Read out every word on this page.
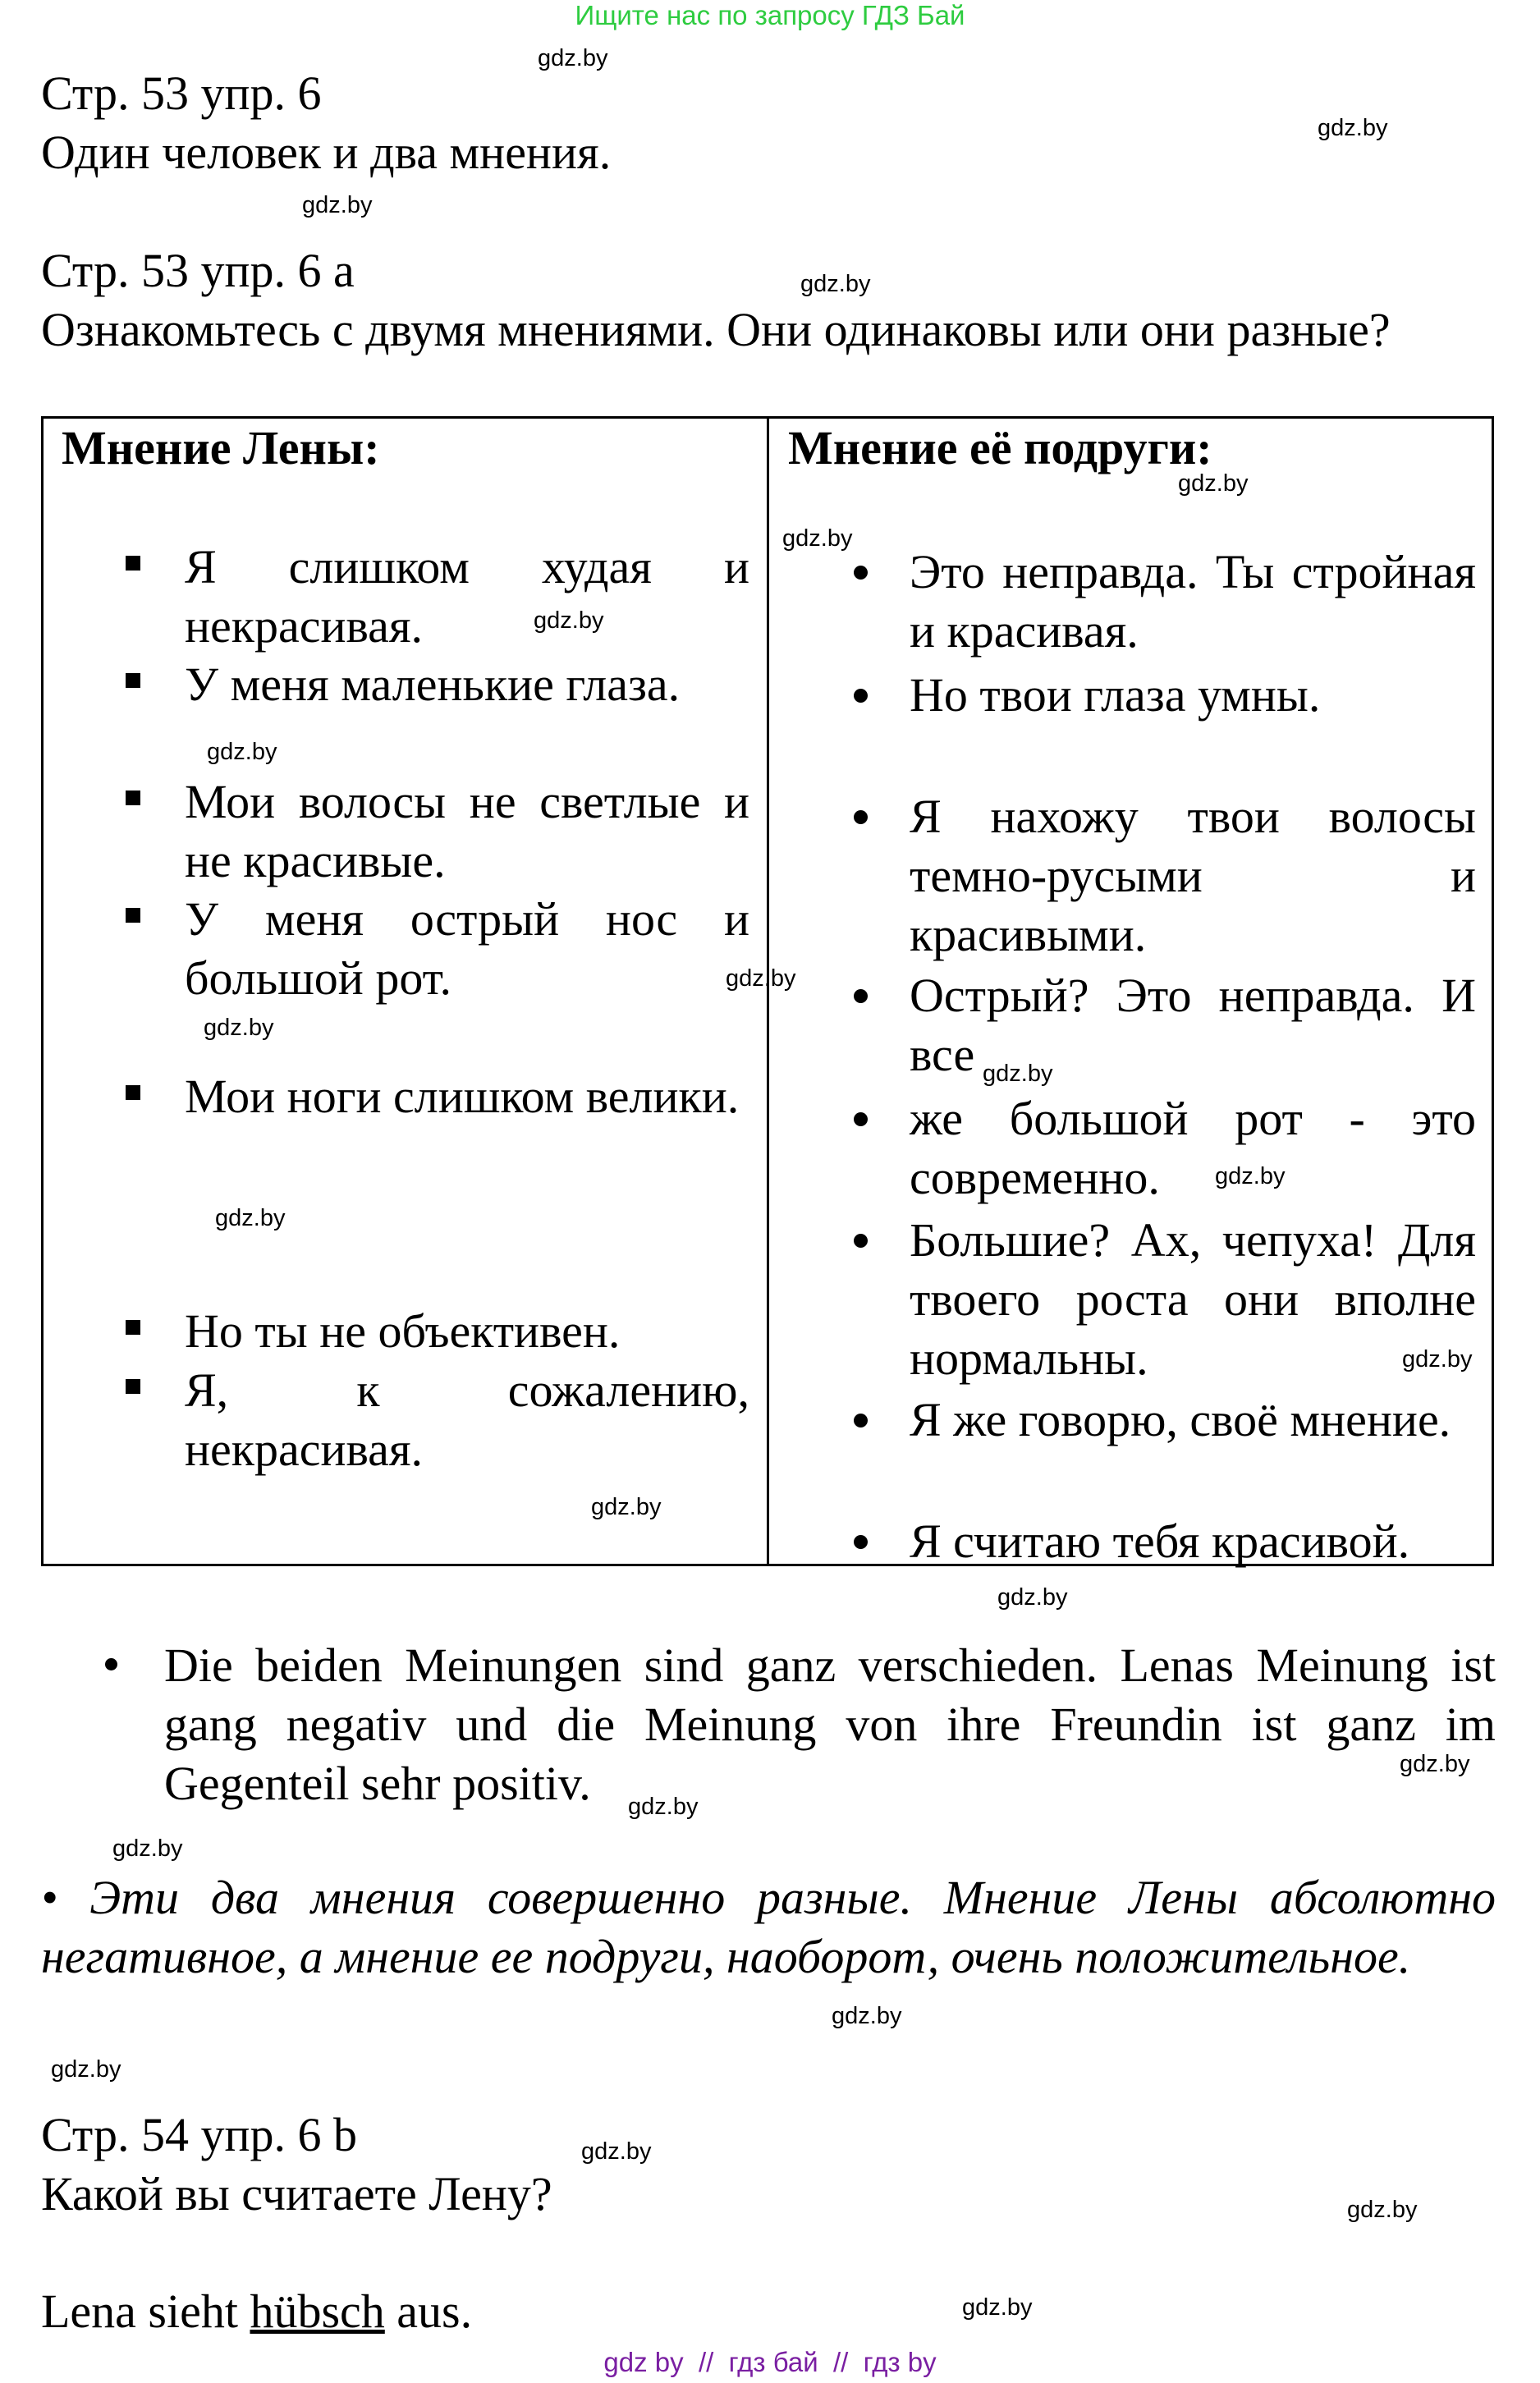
Ищите нас по запросу ГДЗ Бай
Стр. 53 упр. 6
Один человек и два мнения.
Стр. 53 упр. 6 a
Ознакомьтесь с двумя мнениями. Они одинаковы или они разные?
Мнение Лены:	Мнение её подруги:
Я слишком худая и некрасивая.
У меня маленькие глаза.
Мои волосы не светлые и не красивые.
У меня острый нос и большой рот.
Мои ноги слишком велики.
Но ты не объективен.
Я, к сожалению, некрасивая.
Это неправда. Ты стройная и красивая.
Но твои глаза умны.
Я нахожу твои волосы темно-русыми и красивыми.
Острый? Это неправда. И все
же большой рот - это современно.
Большие? Ах, чепуха! Для твоего роста они вполне нормальны.
Я же говорю, своё мнение.
Я считаю тебя красивой.
Die beiden Meinungen sind ganz verschieden. Lenas Meinung ist gang negativ und die Meinung von ihre Freundin ist ganz im Gegenteil sehr positiv.
• Эти два мнения совершенно разные. Мнение Лены абсолютно негативное, а мнение ее подруги, наоборот, очень положительное.
Стр. 54 упр. 6 b
Какой вы считаете Лену?
Lena sieht hübsch aus.
gdz.by
gdz.by
gdz.by
gdz.by
gdz.by
gdz.by
gdz.by
gdz.by
gdz.by
gdz.by
gdz.by
gdz.by
gdz.by
gdz.by
gdz.by
gdz.by
gdz.by
gdz.by
gdz.by
gdz.by
gdz.by
gdz.by
gdz.by
gdz.by
gdz by  //  гдз бай  //  гдз by
